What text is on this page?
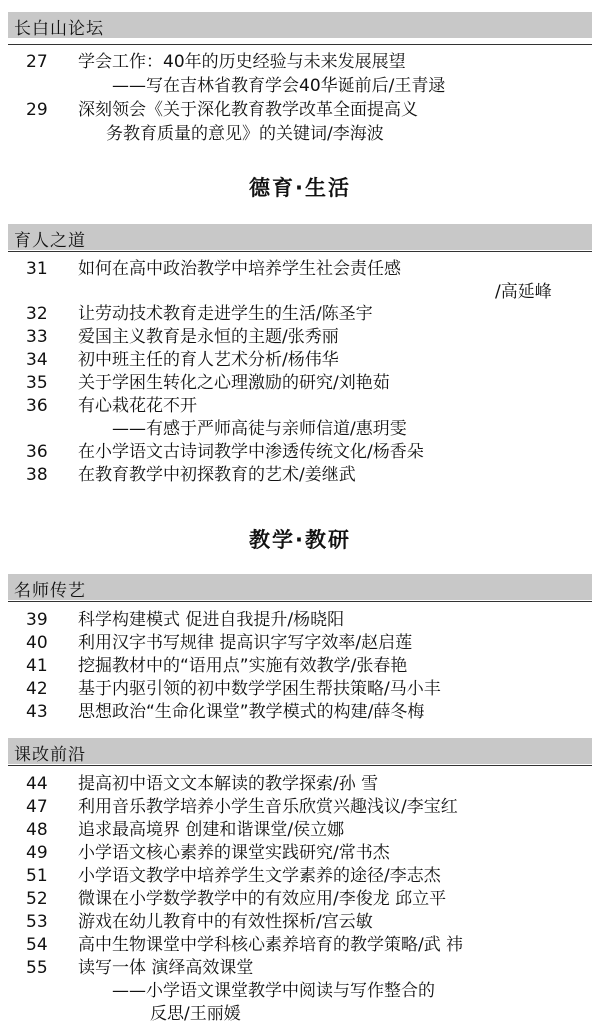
长白山论坛
27 学会工作：40年的历史经验与未来发展展望
——写在吉林省教育学会40华诞前后/王青逯
29 深刻领会《关于深化教育教学改革全面提高义
务教育质量的意见》的关键词/李海波
德育·生活
育人之道
31 如何在高中政治教学中培养学生社会责任感
/高延峰
32 让劳动技术教育走进学生的生活/陈圣宇
33 爱国主义教育是永恒的主题/张秀丽
34 初中班主任的育人艺术分析/杨伟华
35 关于学困生转化之心理激励的研究/刘艳茹
36 有心栽花花不开
——有感于严师高徒与亲师信道/惠玥雯
36 在小学语文古诗词教学中渗透传统文化/杨香朵
38 在教育教学中初探教育的艺术/姜继武
教学·教研
名师传艺
39 科学构建模式 促进自我提升/杨晓阳
40 利用汉字书写规律 提高识字写字效率/赵启莲
41 挖掘教材中的“语用点”实施有效教学/张春艳
42 基于内驱引领的初中数学学困生帮扶策略/马小丰
43 思想政治“生命化课堂”教学模式的构建/薛冬梅
课改前沿
44 提高初中语文文本解读的教学探索/孙 雪
47 利用音乐教学培养小学生音乐欣赏兴趣浅议/李宝红
48 追求最高境界 创建和谐课堂/侯立娜
49 小学语文核心素养的课堂实践研究/常书杰
51 小学语文教学中培养学生文学素养的途径/李志杰
52 微课在小学数学教学中的有效应用/李俊龙 邱立平
53 游戏在幼儿教育中的有效性探析/宫云敏
54 高中生物课堂中学科核心素养培育的教学策略/武 祎
55 读写一体 演绎高效课堂
——小学语文课堂教学中阅读与写作整合的
反思/王丽媛
